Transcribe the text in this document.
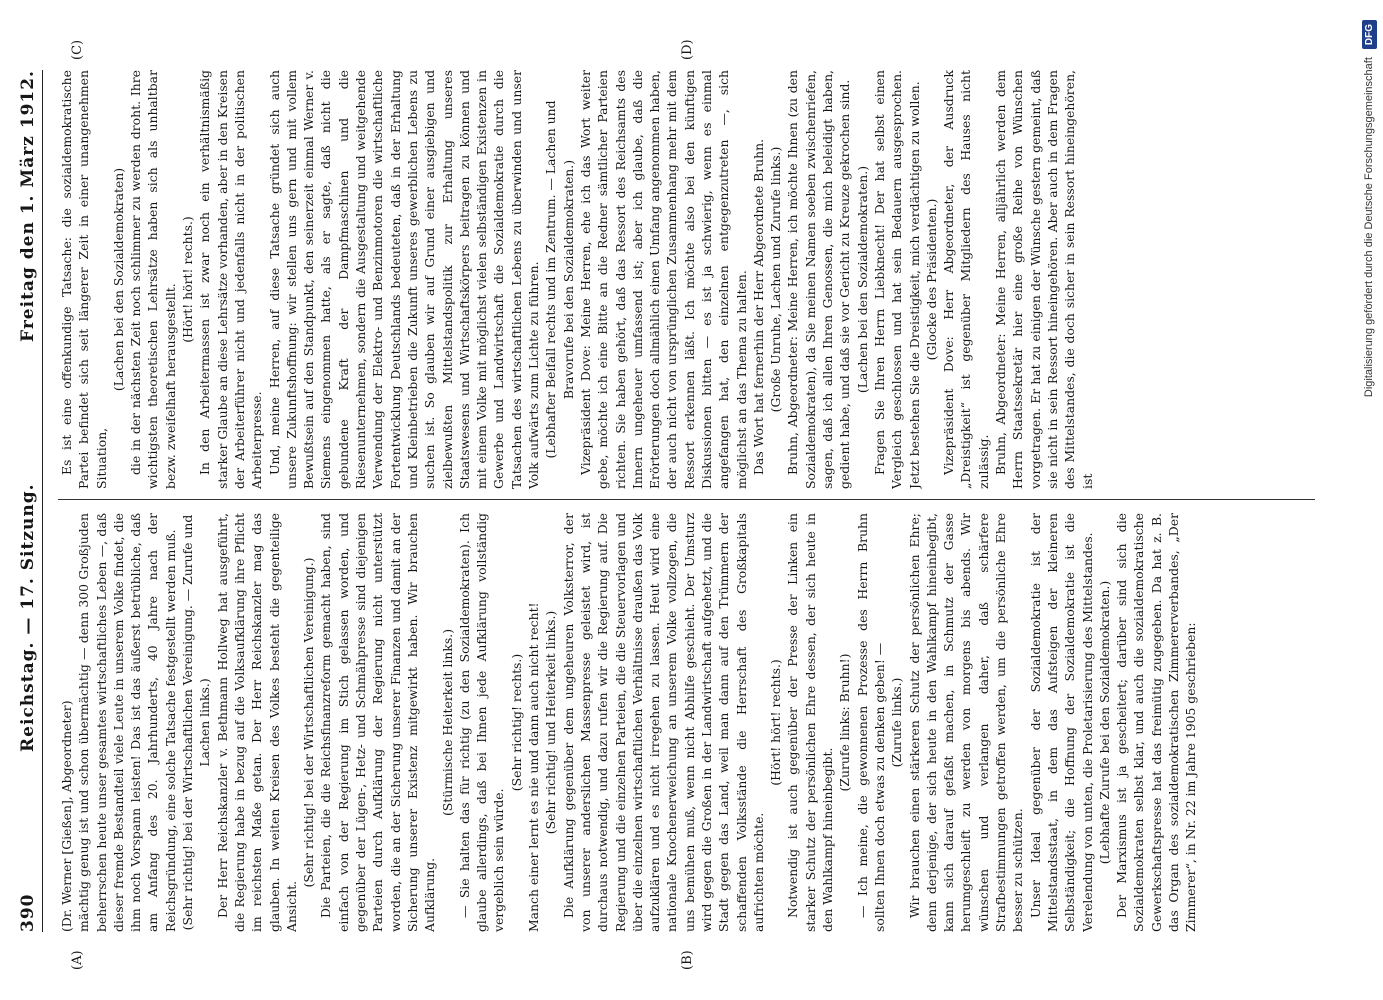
390
Reichstag. — 17. Sitzung.
Freitag den 1. März 1912.
(A)	(B)
(C)	(D)

(Dr. Werner [Gießen], Abgeordneter) mächtig genug ist und schon übermächtig — denn 300 Großjuden beherrschen heute unser gesamtes wirtschaftliches Leben —, daß dieser fremde Bestandteil viele Leute in unserem Volke findet, die ihm noch Vorspann leisten! Das ist das äußerst betrübliche, daß am Anfang des 20. Jahrhunderts, 40 Jahre nach der Reichsgründung, eine solche Tatsache festgestellt werden muß. (Sehr richtig! bei der Wirtschaftlichen Vereinigung. — Zurufe und Lachen links.) Der Herr Reichskanzler v. Bethmann Hollweg hat ausgeführt, die Regierung habe in bezug auf die Volksaufklärung ihre Pflicht im reichsten Maße getan. Der Herr Reichskanzler mag das glauben. In weiten Kreisen des Volkes besteht die gegenteilige Ansicht.

(Sehr richtig! bei der Wirtschaftlichen Vereinigung.) Die Parteien, die die Reichsfinanzreform gemacht haben, sind einfach von der Regierung im Stich gelassen worden, und gegenüber der Lügen-, Hetz- und Schmähpresse sind diejenigen Parteien durch Aufklärung der Regierung nicht unterstützt worden, die an der Sicherung unserer Finanzen und damit an der Sicherung unserer Existenz mitgewirkt haben. Wir brauchen Aufklärung.

(Stürmische Heiterkeit links.) — Sie halten das für richtig (zu den Sozialdemokraten). Ich glaube allerdings, daß bei Ihnen jede Aufklärung vollständig vergeblich sein würde.

(Sehr richtig! rechts.) Manch einer lernt es nie und dann auch nicht recht! (Sehr richtig! und Heiterkeit links.) Die Aufklärung gegenüber dem ungeheuren Volksterror, der von unserer anderslichen Massenpresse geleistet wird, ist durchaus notwendig, und dazu rufen wir die Regierung auf. Die Regierung und die einzelnen Parteien, die die Steuervorlagen und über die einzelnen wirtschaftlichen Verhältnisse draußen das Volk aufzuklären und es nicht irregehen zu lassen. Heut wird eine nationale Knochenerweichung an unserem Volke vollzogen, die uns bemühen muß, wenn nicht Abhilfe geschieht. Der Umsturz wird gegen die Großen in der Landwirtschaft aufgehetzt, und die Stadt gegen das Land, weil man dann auf den Trümmern der schaffenden Volksstände die Herrschaft des Großkapitals aufrichten möchte.

(Hört! hört! rechts.) Notwendig ist auch gegenüber der Presse der Linken ein starker Schutz der persönlichen Ehre dessen, der sich heute in den Wahlkampf hineinbegibt.

(Zurufe links: Bruhn!) — Ich meine, die gewonnenen Prozesse des Herrn Bruhn sollten Ihnen doch etwas zu denken geben! — (Zurufe links.) Wir brauchen einen stärkeren Schutz der persönlichen Ehre; denn derjenige, der sich heute in den Wahlkampf hineinbegibt, kann sich darauf gefaßt machen, in Schmutz der Gasse herumgeschleift zu werden von morgens bis abends. Wir wünschen und verlangen daher, daß schärfere Strafbestimmungen getroffen werden, um die persönliche Ehre besser zu schützen. Unser Ideal gegenüber der Sozialdemokratie ist der Mittelstandsstaat, in dem das Aufsteigen der kleineren Selbständigkeit; die Hoffnung der Sozialdemokratie ist die Verelendung von unten, die Proletarisierung des Mittelstandes. (Lebhafte Zurufe bei den Sozialdemokraten.) Der Marxismus ist ja gescheitert; darüber sind sich die Sozialdemokraten selbst klar, und auch die sozialdemokratische Gewerkschaftspresse hat das freimütig zugegeben. Da hat z. B. das Organ des sozialdemokratischen Zimmererverbandes, „Der Zimmerer“, in Nr. 22 im Jahre 1905 geschrieben:

Es ist eine offenkundige Tatsache: die sozialdemokratische Partei befindet sich seit längerer Zeit in einer unangenehmen Situation,

(Lachen bei den Sozialdemokraten) die in der nächsten Zeit noch schlimmer zu werden droht. Ihre wichtigsten theoretischen Lehrsätze haben sich als unhaltbar bezw. zweifelhaft herausgestellt.

(Hört! hört! rechts.) In den Arbeitermassen ist zwar noch ein verhältnismäßig starker Glaube an diese Lehrsätze vorhanden, aber in den Kreisen der Arbeiterführer nicht und jedenfalls nicht in der politischen Arbeiterpresse. Und, meine Herren, auf diese Tatsache gründet sich auch unsere Zukunftshoffnung: wir stellen uns gern und mit vollem Bewußtsein auf den Standpunkt, den seinerzeit einmal Werner v. Siemens eingenommen hatte, als er sagte, daß nicht die gebundene Kraft der Dampfmaschinen und die Riesenunternehmen, sondern die Ausgestaltung und weitgehende Verwendung der Elektro- und Benzinmotoren die wirtschaftliche Fortentwicklung Deutschlands bedeuteten, daß in der Erhaltung und Kleinbetrieben die Zukunft unseres gewerblichen Lebens zu suchen ist. So glauben wir auf Grund einer ausgiebigen und zielbewußten Mittelstandspolitik zur Erhaltung unseres Staatswesens und Wirtschaftskörpers beitragen zu können und mit einem Volke mit möglichst vielen selbständigen Existenzen in Gewerbe und Landwirtschaft die Sozialdemokratie durch die Tatsachen des wirtschaftlichen Lebens zu überwinden und unser Volk aufwärts zum Lichte zu führen. (Lebhafter Beifall rechts und im Zentrum. — Lachen und Bravorufe bei den Sozialdemokraten.) Vizepräsident Dove: Meine Herren, ehe ich das Wort weiter gebe, möchte ich eine Bitte an die Redner sämtlicher Parteien richten. Sie haben gehört, daß das Ressort des Reichsamts des Innern ungeheuer umfassend ist; aber ich glaube, daß die Erörterungen doch allmählich einen Umfang angenommen haben, der auch nicht von ursprünglichen Zusammenhang mehr mit dem Ressort erkennen läßt. Ich möchte also bei den künftigen Diskussionen bitten — es ist ja schwierig, wenn es einmal angefangen hat, den einzelnen entgegenzutreten —, sich möglichst an das Thema zu halten. Das Wort hat fernerhin der Herr Abgeordnete Bruhn. (Große Unruhe, Lachen und Zurufe links.) Bruhn, Abgeordneter: Meine Herren, ich möchte Ihnen (zu den Sozialdemokraten), da Sie meinen Namen soeben zwischenriefen, sagen, daß ich allen Ihren Genossen, die mich beleidigt haben, gedient habe, und daß sie vor Gericht zu Kreuze gekrochen sind. (Lachen bei den Sozialdemokraten.) Fragen Sie Ihren Herrn Liebknecht! Der hat selbst einen Vergleich geschlossen und hat sein Bedauern ausgesprochen. Jetzt bestehen Sie die Dreistigkeit, mich verdächtigen zu wollen. (Glocke des Präsidenten.) Vizepräsident Dove: Herr Abgeordneter, der Ausdruck „Dreistigkeit“ ist gegenüber Mitgliedern des Hauses nicht zulässig. Bruhn, Abgeordneter: Meine Herren, alljährlich werden dem Herrn Staatssekretär hier eine große Reihe von Wünschen vorgetragen. Er hat zu einigen der Wünsche gestern gemeint, daß sie nicht in sein Ressort hineingehören. Aber auch in dem Fragen des Mittelstandes, die doch sicher in sein Ressort hineingehören, ist

Digitalisierung gefördert durch die Deutsche Forschungsgemeinschaft
DFG
